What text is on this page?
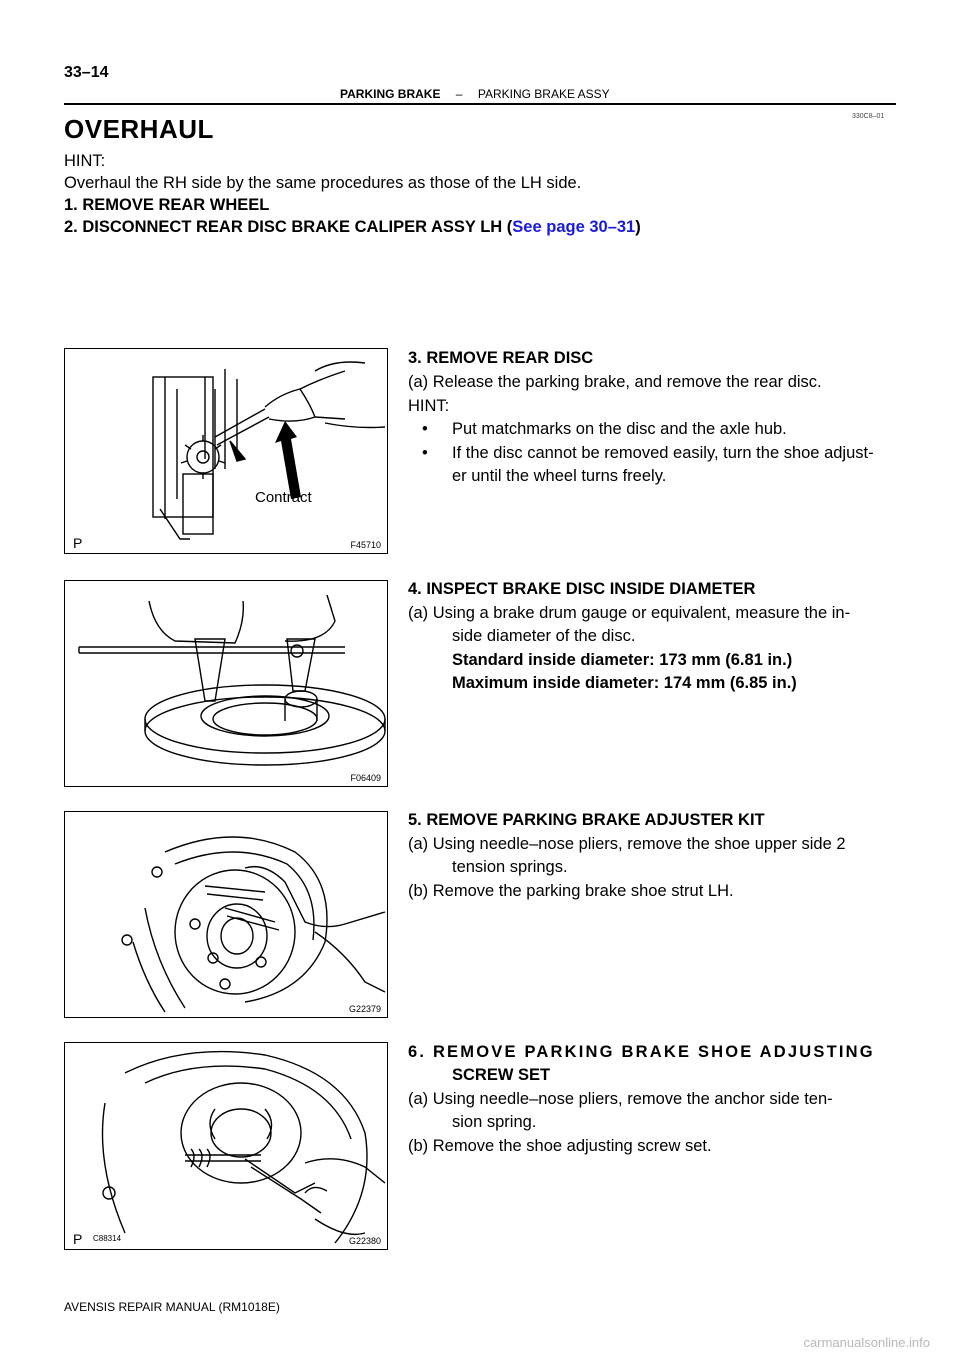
33–14
PARKING BRAKE – PARKING BRAKE ASSY
330C8–01
OVERHAUL
HINT:
Overhaul the RH side by the same procedures as those of the LH side.
1. REMOVE REAR WHEEL
2. DISCONNECT REAR DISC BRAKE CALIPER ASSY LH (See page 30–31)
Contract
P	F45710
3. REMOVE REAR DISC
(a) Release the parking brake, and remove the rear disc.
HINT:
• Put matchmarks on the disc and the axle hub.
• If the disc cannot be removed easily, turn the shoe adjust-
er until the wheel turns freely.
F06409
4. INSPECT BRAKE DISC INSIDE DIAMETER
(a) Using a brake drum gauge or equivalent, measure the in-
side diameter of the disc.
Standard inside diameter: 173 mm (6.81 in.)
Maximum inside diameter: 174 mm (6.85 in.)
G22379
5. REMOVE PARKING BRAKE ADJUSTER KIT
(a) Using needle–nose pliers, remove the shoe upper side 2
tension springs.
(b) Remove the parking brake shoe strut LH.
P C88314	G22380
6. REMOVE PARKING BRAKE SHOE ADJUSTING
SCREW SET
(a) Using needle–nose pliers, remove the anchor side ten-
sion spring.
(b) Remove the shoe adjusting screw set.
AVENSIS REPAIR MANUAL (RM1018E)
carmanualsonline.info
